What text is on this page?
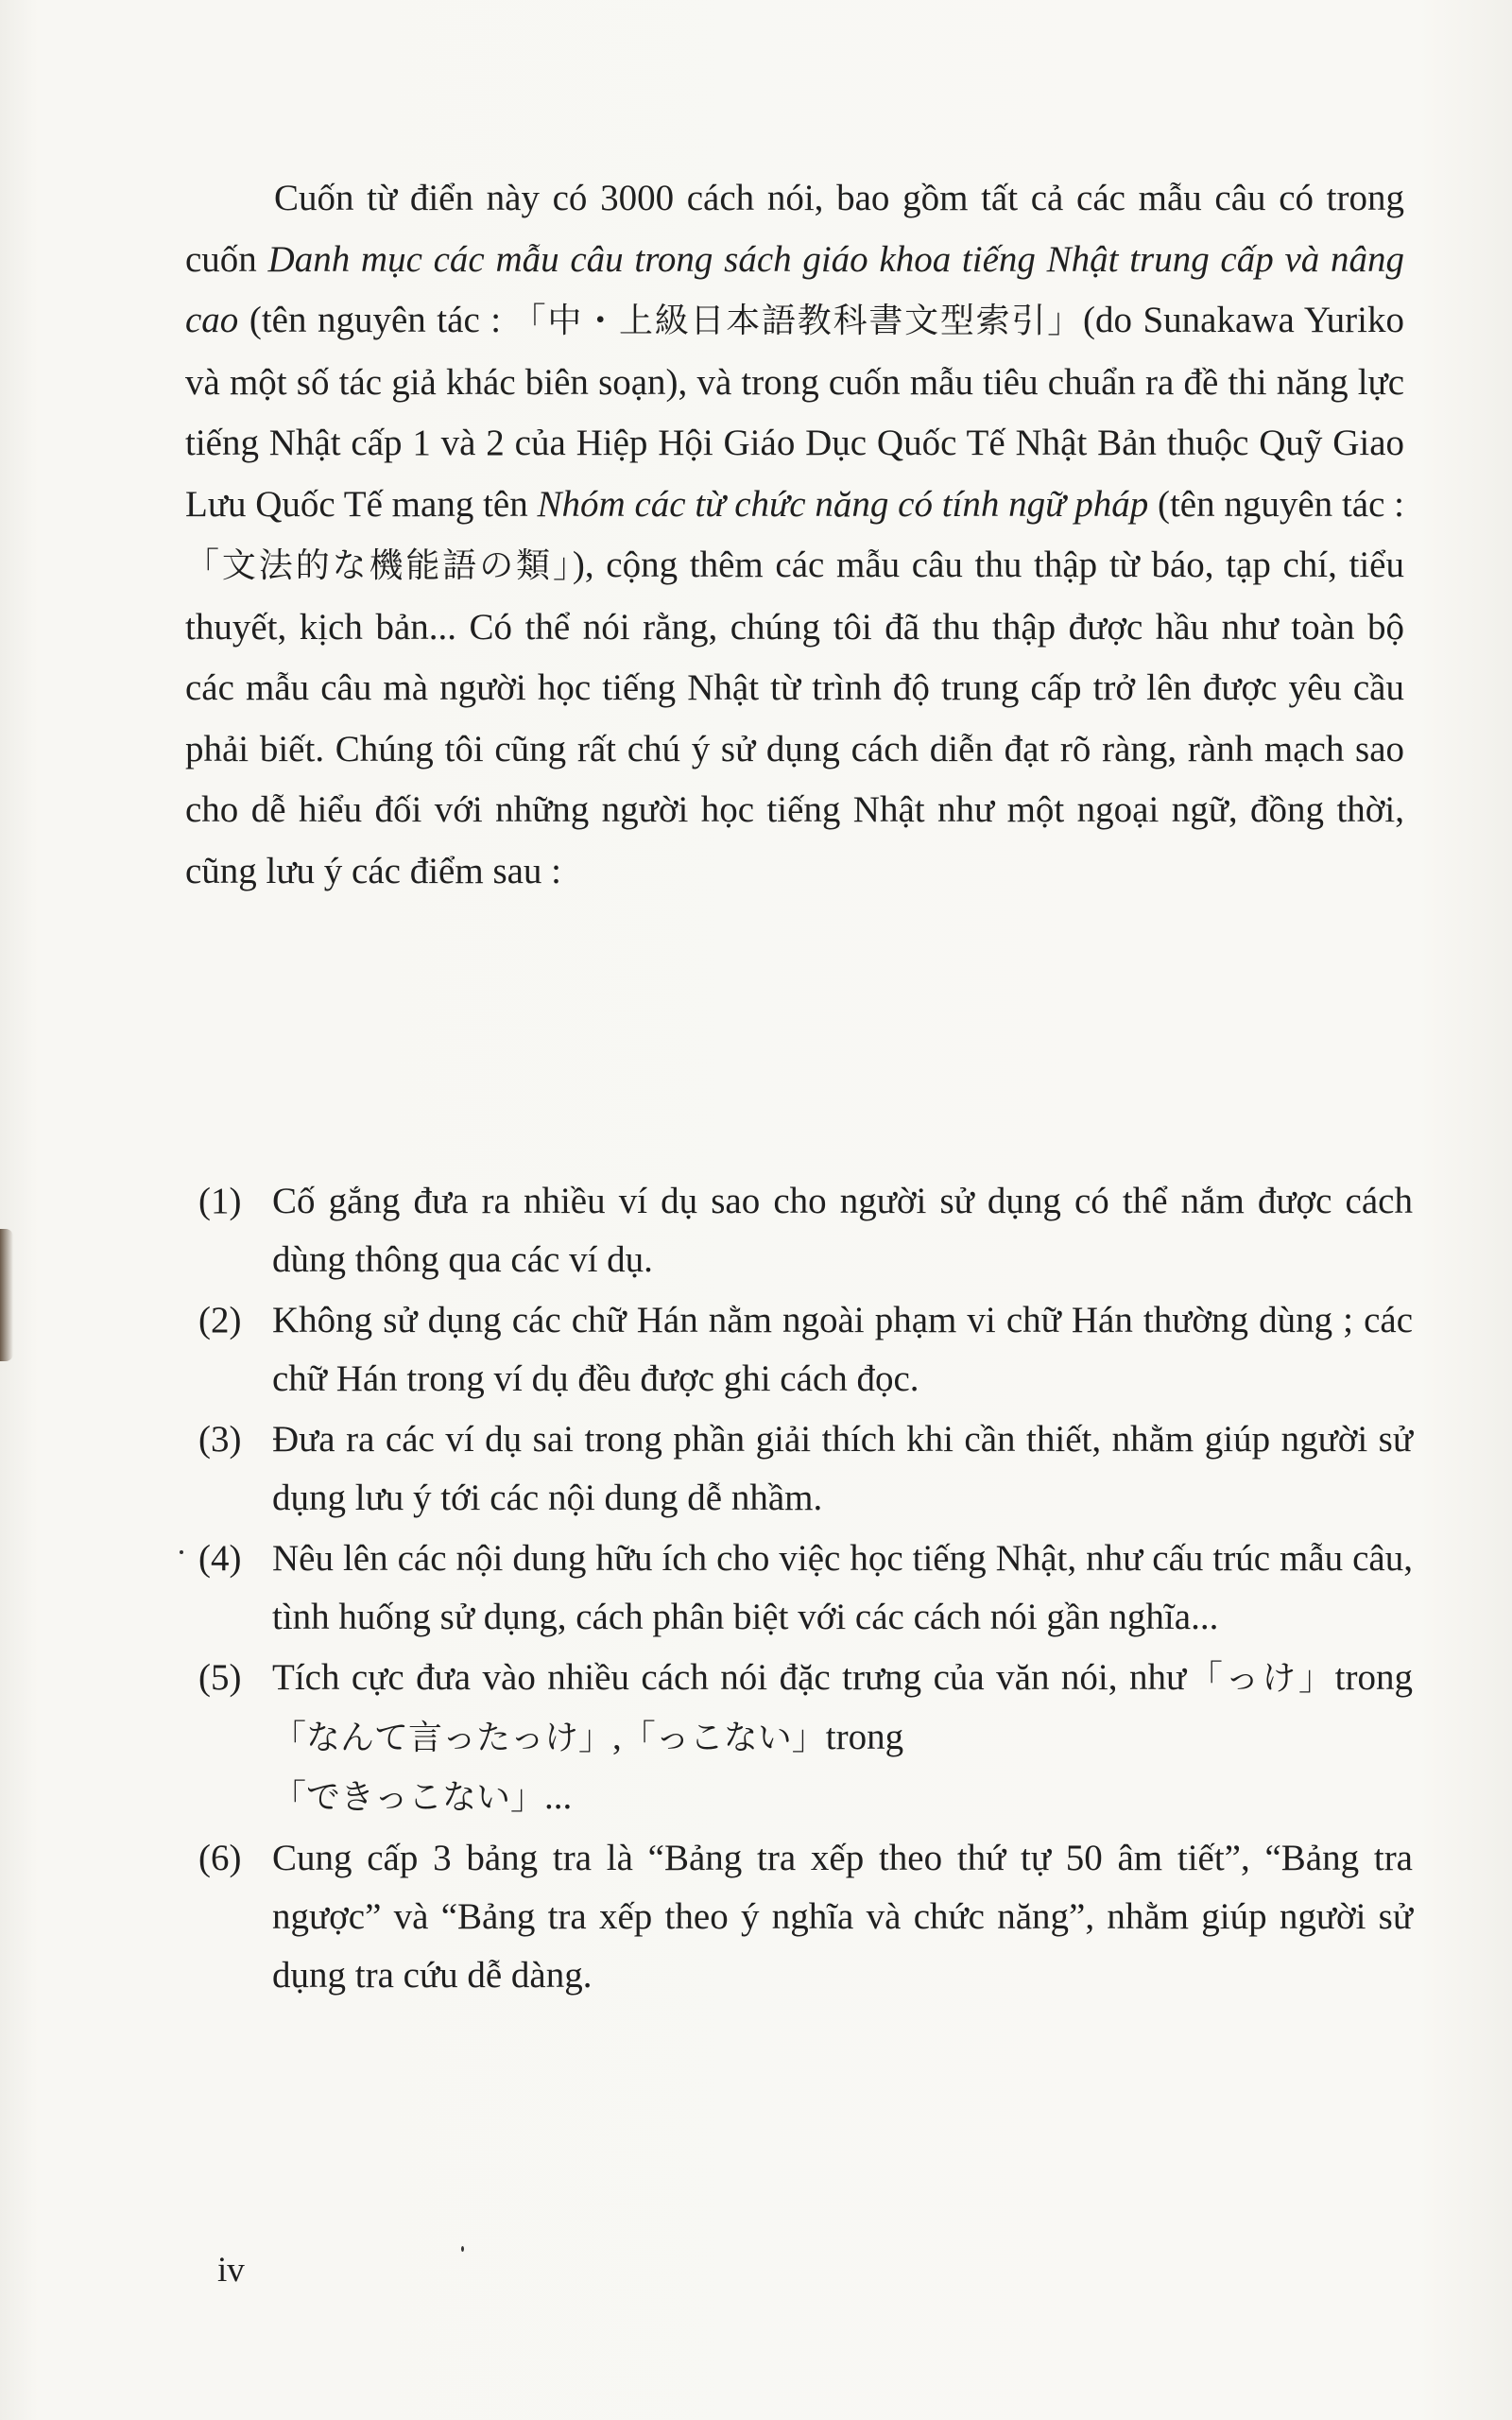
Cuốn từ điển này có 3000 cách nói, bao gồm tất cả các mẫu câu có trong cuốn Danh mục các mẫu câu trong sách giáo khoa tiếng Nhật trung cấp và nâng cao (tên nguyên tác : 「中・上級日本語教科書文型索引」(do Sunakawa Yuriko và một số tác giả khác biên soạn), và trong cuốn mẫu tiêu chuẩn ra đề thi năng lực tiếng Nhật cấp 1 và 2 của Hiệp Hội Giáo Dục Quốc Tế Nhật Bản thuộc Quỹ Giao Lưu Quốc Tế mang tên Nhóm các từ chức năng có tính ngữ pháp (tên nguyên tác : 「文法的な機能語の類」), cộng thêm các mẫu câu thu thập từ báo, tạp chí, tiểu thuyết, kịch bản... Có thể nói rằng, chúng tôi đã thu thập được hầu như toàn bộ các mẫu câu mà người học tiếng Nhật từ trình độ trung cấp trở lên được yêu cầu phải biết. Chúng tôi cũng rất chú ý sử dụng cách diễn đạt rõ ràng, rành mạch sao cho dễ hiểu đối với những người học tiếng Nhật như một ngoại ngữ, đồng thời, cũng lưu ý các điểm sau :

(1) Cố gắng đưa ra nhiều ví dụ sao cho người sử dụng có thể nắm được cách dùng thông qua các ví dụ.
(2) Không sử dụng các chữ Hán nằm ngoài phạm vi chữ Hán thường dùng ; các chữ Hán trong ví dụ đều được ghi cách đọc.
(3) Đưa ra các ví dụ sai trong phần giải thích khi cần thiết, nhằm giúp người sử dụng lưu ý tới các nội dung dễ nhầm.
(4) Nêu lên các nội dung hữu ích cho việc học tiếng Nhật, như cấu trúc mẫu câu, tình huống sử dụng, cách phân biệt với các cách nói gần nghĩa...
(5) Tích cực đưa vào nhiều cách nói đặc trưng của văn nói, như「っけ」trong「なんて言ったっけ」,「っこない」trong
「できっこない」...
(6) Cung cấp 3 bảng tra là “Bảng tra xếp theo thứ tự 50 âm tiết”, “Bảng tra ngược” và “Bảng tra xếp theo ý nghĩa và chức năng”, nhằm giúp người sử dụng tra cứu dễ dàng.
iv
